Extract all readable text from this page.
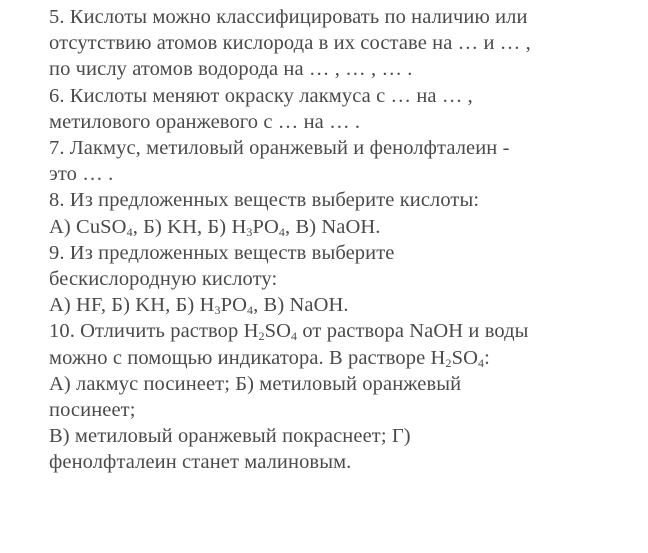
5. Кислоты можно классифицировать по наличию или
отсутствию атомов кислорода в их составе на … и … ,
по числу атомов водорода на … , … , … .
6. Кислоты меняют окраску лакмуса с … на … ,
метилового оранжевого с … на … .
7. Лакмус, метиловый оранжевый и фенолфталеин -
это … .
8. Из предложенных веществ выберите кислоты:
А) CuSO$_4$, Б) KH, Б) $H_3PO_4$, В) NaOH.
9. Из предложенных веществ выберите
бескислородную кислоту:
А) HF, Б) KH, Б) $H_3PO_4$, В) NaOH.
10. Отличить раствор $H_2SO_4$ от раствора NaOH и воды
можно с помощью индикатора. В растворе $H_2SO_4$:
А) лакмус посинеет; Б) метиловый оранжевый
посинеет;
В) метиловый оранжевый покраснеет; Г)
фенолфталеин станет малиновым.
